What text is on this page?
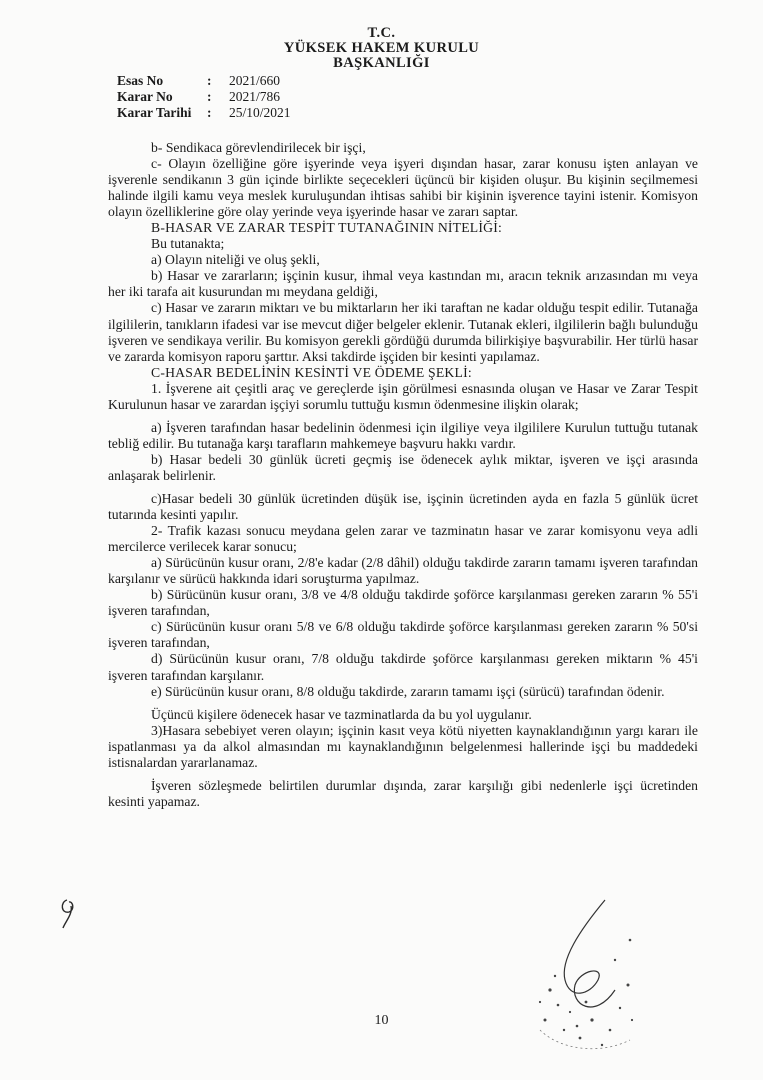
T.C.
YÜKSEK HAKEM KURULU
BAŞKANLIĞI
Esas No	:	2021/660
Karar No	:	2021/786
Karar Tarihi	:	25/10/2021

b- Sendikaca görevlendirilecek bir işçi,

c- Olayın özelliğine göre işyerinde veya işyeri dışından hasar, zarar konusu işten anlayan ve işverenle sendikanın 3 gün içinde birlikte seçecekleri üçüncü bir kişiden oluşur. Bu kişinin seçilmemesi halinde ilgili kamu veya meslek kuruluşundan ihtisas sahibi bir kişinin işverence tayini istenir. Komisyon olayın özelliklerine göre olay yerinde veya işyerinde hasar ve zararı saptar.

B-HASAR VE ZARAR TESPİT TUTANAĞININ NİTELİĞİ:

Bu tutanakta;

a) Olayın niteliği ve oluş şekli,

b) Hasar ve zararların; işçinin kusur, ihmal veya kastından mı, aracın teknik arızasından mı veya her iki tarafa ait kusurundan mı meydana geldiği,

c) Hasar ve zararın miktarı ve bu miktarların her iki taraftan ne kadar olduğu tespit edilir. Tutanağa ilgililerin, tanıkların ifadesi var ise mevcut diğer belgeler eklenir. Tutanak ekleri, ilgililerin bağlı bulunduğu işveren ve sendikaya verilir. Bu komisyon gerekli gördüğü durumda bilirkişiye başvurabilir. Her türlü hasar ve zararda komisyon raporu şarttır. Aksi takdirde işçiden bir kesinti yapılamaz.

C-HASAR BEDELİNİN KESİNTİ VE ÖDEME ŞEKLİ:

1. İşverene ait çeşitli araç ve gereçlerde işin görülmesi esnasında oluşan ve Hasar ve Zarar Tespit Kurulunun hasar ve zarardan işçiyi sorumlu tuttuğu kısmın ödenmesine ilişkin olarak;

a) İşveren tarafından hasar bedelinin ödenmesi için ilgiliye veya ilgililere Kurulun tuttuğu tutanak tebliğ edilir. Bu tutanağa karşı tarafların mahkemeye başvuru hakkı vardır.

b) Hasar bedeli 30 günlük ücreti geçmiş ise ödenecek aylık miktar, işveren ve işçi arasında anlaşarak belirlenir.

c)Hasar bedeli 30 günlük ücretinden düşük ise, işçinin ücretinden ayda en fazla 5 günlük ücret tutarında kesinti yapılır.

2- Trafik kazası sonucu meydana gelen zarar ve tazminatın hasar ve zarar komisyonu veya adli mercilerce verilecek karar sonucu;

a) Sürücünün kusur oranı, 2/8'e kadar (2/8 dâhil) olduğu takdirde zararın tamamı işveren tarafından karşılanır ve sürücü hakkında idari soruşturma yapılmaz.

b) Sürücünün kusur oranı, 3/8 ve 4/8 olduğu takdirde şoförce karşılanması gereken zararın % 55'i işveren tarafından,

c) Sürücünün kusur oranı 5/8 ve 6/8 olduğu takdirde şoförce karşılanması gereken zararın % 50'si işveren tarafından,

d) Sürücünün kusur oranı, 7/8 olduğu takdirde şoförce karşılanması gereken miktarın % 45'i işveren tarafından karşılanır.

e) Sürücünün kusur oranı, 8/8 olduğu takdirde, zararın tamamı işçi (sürücü) tarafından ödenir.

Üçüncü kişilere ödenecek hasar ve tazminatlarda da bu yol uygulanır.

3)Hasara sebebiyet veren olayın; işçinin kasıt veya kötü niyetten kaynaklandığının yargı kararı ile ispatlanması ya da alkol almasından mı kaynaklandığının belgelenmesi hallerinde işçi bu maddedeki istisnalardan yararlanamaz.

İşveren sözleşmede belirtilen durumlar dışında, zarar karşılığı gibi nedenlerle işçi ücretinden kesinti yapamaz.

10
